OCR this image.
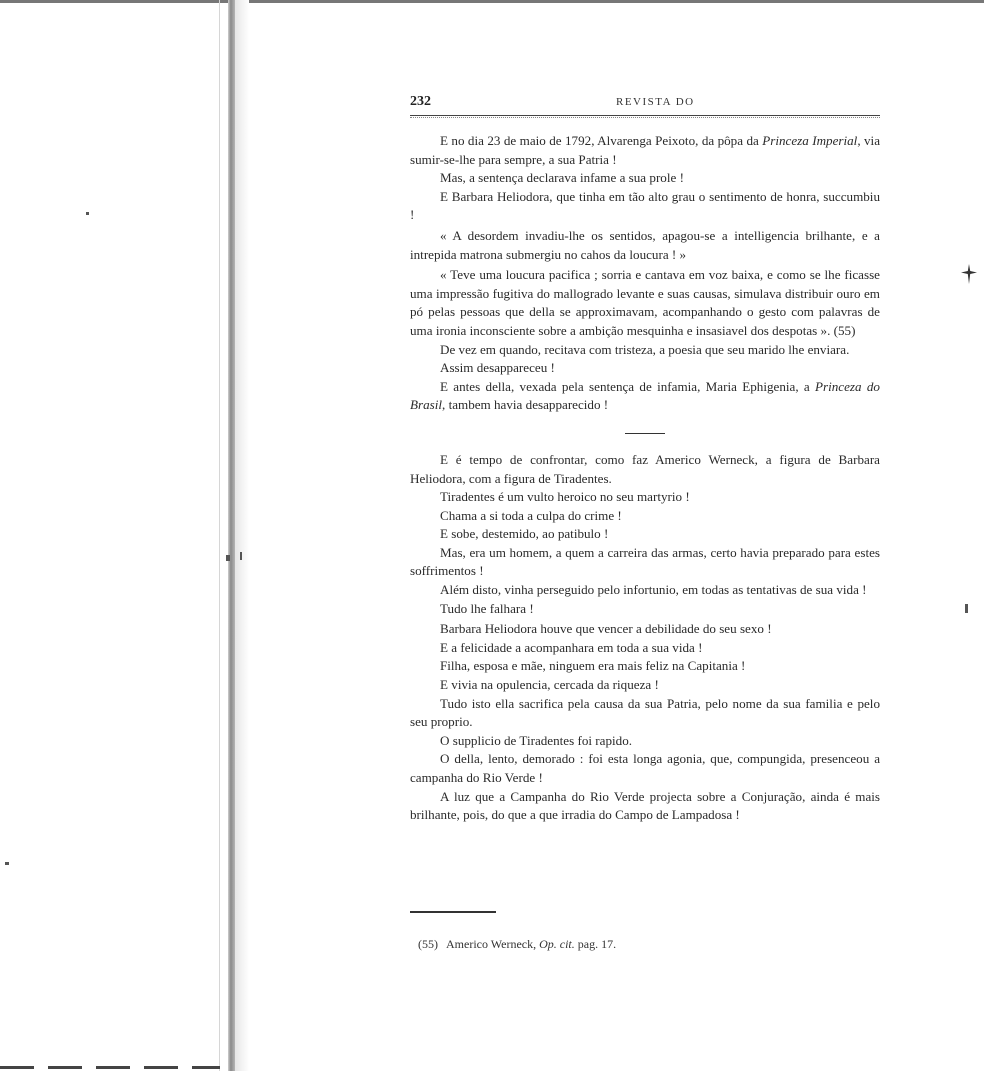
232	REVISTA DO

E no dia 23 de maio de 1792, Alvarenga Peixoto, da pôpa da Princeza Imperial, via sumir-se-lhe para sempre, a sua Patria !

Mas, a sentença declarava infame a sua prole !

E Barbara Heliodora, que tinha em tão alto grau o sentimento de honra, succumbiu !

« A desordem invadiu-lhe os sentidos, apagou-se a intelligencia brilhante, e a intrepida matrona submergiu no cahos da loucura ! »

« Teve uma loucura pacifica ; sorria e cantava em voz baixa, e como se lhe ficasse uma impressão fugitiva do mallogrado levante e suas causas, simulava distribuir ouro em pó pelas pessoas que della se approximavam, acompanhando o gesto com palavras de uma ironia inconsciente sobre a ambição mesquinha e insasiavel dos despotas ». (55)

De vez em quando, recitava com tristeza, a poesia que seu marido lhe enviara.

Assim desappareceu !

E antes della, vexada pela sentença de infamia, Maria Ephigenia, a Princeza do Brasil, tambem havia desapparecido !

E é tempo de confrontar, como faz Americo Werneck, a figura de Barbara Heliodora, com a figura de Tiradentes.

Tiradentes é um vulto heroico no seu martyrio !

Chama a si toda a culpa do crime !

E sobe, destemido, ao patibulo !

Mas, era um homem, a quem a carreira das armas, certo havia preparado para estes soffrimentos !

Além disto, vinha perseguido pelo infortunio, em todas as tentativas de sua vida !

Tudo lhe falhara !

Barbara Heliodora houve que vencer a debilidade do seu sexo !

E a felicidade a acompanhara em toda a sua vida !

Filha, esposa e mãe, ninguem era mais feliz na Capitania !

E vivia na opulencia, cercada da riqueza !

Tudo isto ella sacrifica pela causa da sua Patria, pelo nome da sua familia e pelo seu proprio.

O supplicio de Tiradentes foi rapido.

O della, lento, demorado : foi esta longa agonia, que, compungida, presenceou a campanha do Rio Verde !

A luz que a Campanha do Rio Verde projecta sobre a Conjuração, ainda é mais brilhante, pois, do que a que irradia do Campo de Lampadosa !

(55) Americo Werneck, Op. cit. pag. 17.
